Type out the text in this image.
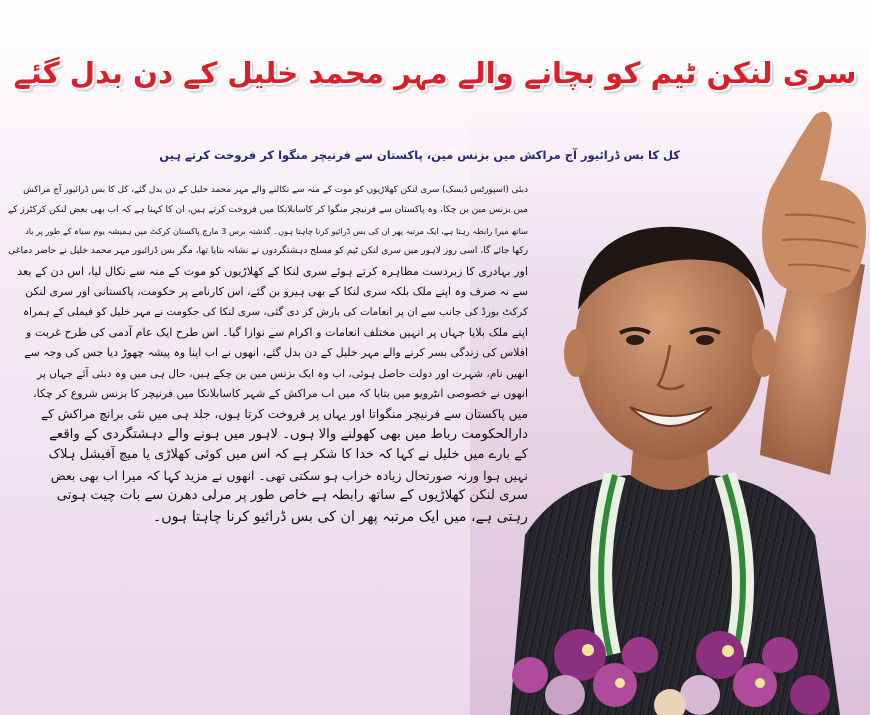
سری لنکن ٹیم کو بچانے والے مہر محمد خلیل کے دن بدل گئے
کل کا بس ڈرائیور آج مراکش میں بزنس مین، پاکستان سے فرنیچر منگوا کر فروخت کرتے ہیں
دبئی (اسپورٹس ڈیسک) سری لنکن کھلاڑیوں کو موت کے منہ سے نکالنے والے مہر محمد خلیل کے دن بدل گئے، کل کا بس ڈرائیور آج مراکش
میں بزنس مین بن چکا، وہ پاکستان سے فرنیچر منگوا کر کاسابلانکا میں فروخت کرتے ہیں، ان کا کہنا ہے کہ اب بھی بعض لنکن کرکٹرز کے
ساتھ میرا رابطہ رہتا ہے، ایک مرتبہ پھر ان کی بس ڈرائیو کرنا چاہتا ہوں۔ گذشتہ برس 3 مارچ پاکستان کرکٹ میں ہمیشہ یوم سیاہ کے طور پر یاد
رکھا جائے گا، اسی روز لاہور میں سری لنکن ٹیم کو مسلح دہشتگردوں نے نشانہ بنایا تھا، مگر بس ڈرائیور مہر محمد خلیل نے حاضر دماغی
اور بہادری کا زبردست مظاہرہ کرتے ہوئے سری لنکا کے کھلاڑیوں کو موت کے منہ سے نکال لیا، اس دن کے بعد
سے نہ صرف وہ اپنے ملک بلکہ سری لنکا کے بھی ہیرو بن گئے، اس کارنامے پر حکومت، پاکستانی اور سری لنکن
کرکٹ بورڈ کی جانب سے ان پر انعامات کی بارش کر دی گئی، سری لنکا کی حکومت نے مہر خلیل کو فیملی کے ہمراہ
اپنے ملک بلایا جہاں پر انہیں مختلف انعامات و اکرام سے نوازا گیا۔ اس طرح ایک عام آدمی کی طرح غربت و
افلاس کی زندگی بسر کرنے والے مہر خلیل کے دن بدل گئے، انھوں نے اب اپنا وہ پیشہ چھوڑ دیا جس کی وجہ سے
انھیں نام، شہرت اور دولت حاصل ہوئی، اب وہ ایک بزنس مین بن چکے ہیں، حال ہی میں وہ دبئی آئے جہاں پر
انھوں نے خصوصی انٹرویو میں بتایا کہ میں اب مراکش کے شہر کاسابلانکا میں فرنیچر کا بزنس شروع کر چکا،
میں پاکستان سے فرنیچر منگواتا اور یہاں پر فروخت کرتا ہوں، جلد ہی میں نئی برانچ مراکش کے
دارالحکومت رباط میں بھی کھولنے والا ہوں۔ لاہور میں ہونے والے دہشتگردی کے واقعے
کے بارے میں خلیل نے کہا کہ خدا کا شکر ہے کہ اس میں کوئی کھلاڑی یا میچ آفیشل ہلاک
نہیں ہوا ورنہ صورتحال زیادہ خراب ہو سکتی تھی۔ انھوں نے مزید کہا کہ میرا اب بھی بعض
سری لنکن کھلاڑیوں کے ساتھ رابطہ ہے خاص طور پر مرلی دھرن سے بات چیت ہوتی
رہتی ہے، میں ایک مرتبہ پھر ان کی بس ڈرائیو کرنا چاہتا ہوں۔
